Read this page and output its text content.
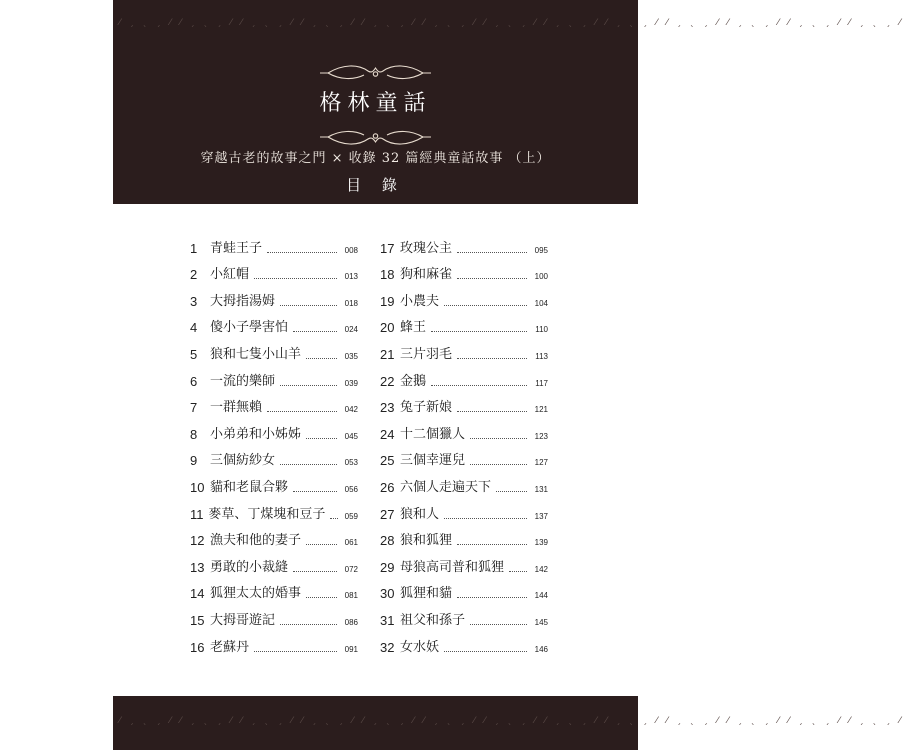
⁄ ˏ ˎ ˏ ⁄ ⁄ ˏ ˎ ˏ ⁄ ⁄ ˏ ˎ ˏ ⁄ ⁄ ˏ ˎ ˏ ⁄ ⁄ ˏ ˎ ˏ ⁄ ⁄ ˏ ˎ ˏ ⁄ ⁄ ˏ ˎ ˏ ⁄ ⁄ ˏ ˎ ˏ ⁄ ⁄ ˏ ˎ ˏ ⁄ ⁄ ˏ ˎ ˏ ⁄ ⁄ ˏ ˎ ˏ ⁄ ⁄ ˏ ˎ ˏ ⁄ ⁄ ˏ ˎ ˏ ⁄
格林童話
穿越古老的故事之門 × 收錄 32 篇經典童話故事 （上）
目 錄
1 青蛙王子	008
2 小紅帽	013
3 大拇指湯姆	018
4 傻小子學害怕	024
5 狼和七隻小山羊	035
6 一流的樂師	039
7 一群無賴	042
8 小弟弟和小姊姊	045
9 三個紡紗女	053
10 貓和老鼠合夥	056
11 麥草、丁煤塊和豆子 059
12 漁夫和他的妻子	061
13 勇敢的小裁縫	072
14 狐狸太太的婚事	081
15 大拇哥遊記	086
16 老蘇丹	091
17 玫瑰公主	095
18 狗和麻雀	100
19 小農夫	104
20 蜂王	110
21 三片羽毛	113
22 金鵝	117
23 兔子新娘	121
24 十二個獵人	123
25 三個幸運兒	127
26 六個人走遍天下	131
27 狼和人	137
28 狼和狐狸	139
29 母狼高司普和狐狸	142
30 狐狸和貓	144
31 祖父和孫子	145
32 女水妖	146
⁄ ˏ ˎ ˏ ⁄ ⁄ ˏ ˎ ˏ ⁄ ⁄ ˏ ˎ ˏ ⁄ ⁄ ˏ ˎ ˏ ⁄ ⁄ ˏ ˎ ˏ ⁄ ⁄ ˏ ˎ ˏ ⁄ ⁄ ˏ ˎ ˏ ⁄ ⁄ ˏ ˎ ˏ ⁄ ⁄ ˏ ˎ ˏ ⁄ ⁄ ˏ ˎ ˏ ⁄ ⁄ ˏ ˎ ˏ ⁄ ⁄ ˏ ˎ ˏ ⁄ ⁄ ˏ ˎ ˏ ⁄
